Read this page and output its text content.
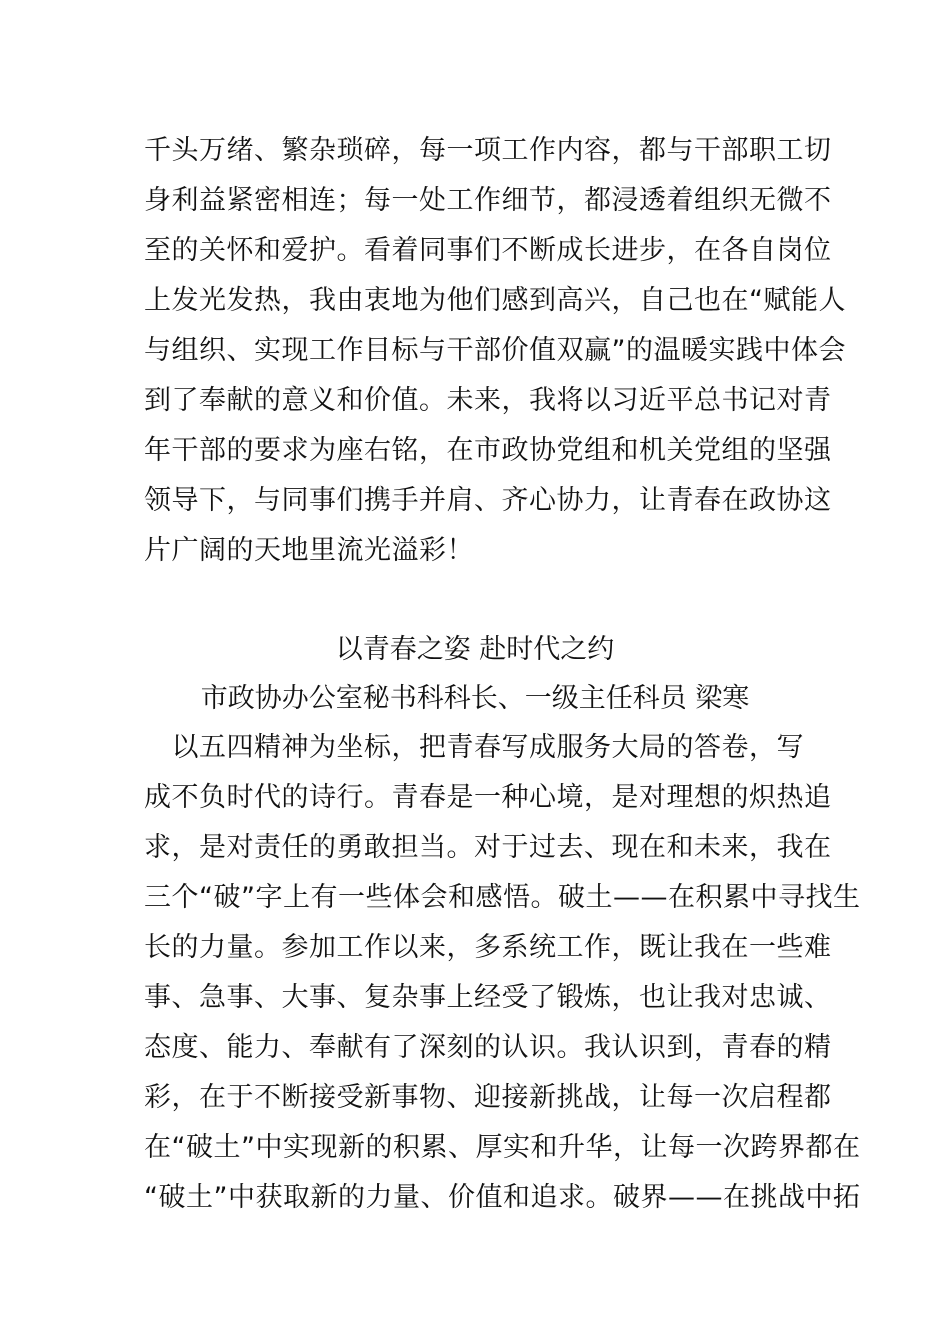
千头万绪、繁杂琐碎，每一项工作内容，都与干部职工切
身利益紧密相连；每一处工作细节，都浸透着组织无微不
至的关怀和爱护。看着同事们不断成长进步，在各自岗位
上发光发热，我由衷地为他们感到高兴，自己也在“赋能人
与组织、实现工作目标与干部价值双赢”的温暖实践中体会
到了奉献的意义和价值。未来，我将以习近平总书记对青
年干部的要求为座右铭，在市政协党组和机关党组的坚强
领导下，与同事们携手并肩、齐心协力，让青春在政协这
片广阔的天地里流光溢彩！
以青春之姿 赴时代之约
市政协办公室秘书科科长、一级主任科员 梁寒
　以五四精神为坐标，把青春写成服务大局的答卷，写
成不负时代的诗行。青春是一种心境，是对理想的炽热追
求，是对责任的勇敢担当。对于过去、现在和未来，我在
三个“破”字上有一些体会和感悟。破土——在积累中寻找生
长的力量。参加工作以来，多系统工作，既让我在一些难
事、急事、大事、复杂事上经受了锻炼，也让我对忠诚、
态度、能力、奉献有了深刻的认识。我认识到，青春的精
彩，在于不断接受新事物、迎接新挑战，让每一次启程都
在“破土”中实现新的积累、厚实和升华，让每一次跨界都在
“破土”中获取新的力量、价值和追求。破界——在挑战中拓
